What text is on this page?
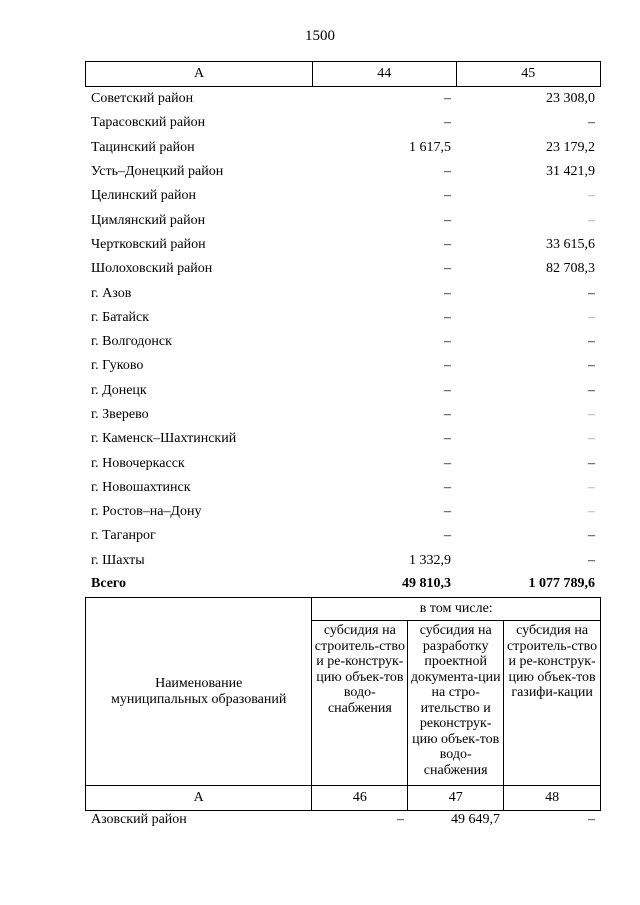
1500
А	44	45
Советский район	–	23 308,0
Тарасовский район	–	–
Тацинский район	1 617,5	23 179,2
Усть–Донецкий район	–	31 421,9
Целинский район	–	–
Цимлянский район	–	–
Чертковский район	–	33 615,6
Шолоховский район	–	82 708,3
г. Азов	–	–
г. Батайск	–	–
г. Волгодонск	–	–
г. Гуково	–	–
г. Донецк	–	–
г. Зверево	–	–
г. Каменск–Шахтинский	–	–
г. Новочеркасск	–	–
г. Новошахтинск	–	–
г. Ростов–на–Дону	–	–
г. Таганрог	–	–
г. Шахты	1 332,9	–
Всего	49 810,3	1 077 789,6
Наименование муниципальных образований	в том числе:		
	субсидия на строитель-ство и ре-конструк-цию объек-тов водо-снабжения	субсидия на разработку проектной документа-ции на стро-ительство и реконструк-цию объек-тов водо-снабжения	субсидия на строитель-ство и ре-конструк-цию объек-тов газифи-кации
А	46	47	48
Азовский район	–	49 649,7	–
